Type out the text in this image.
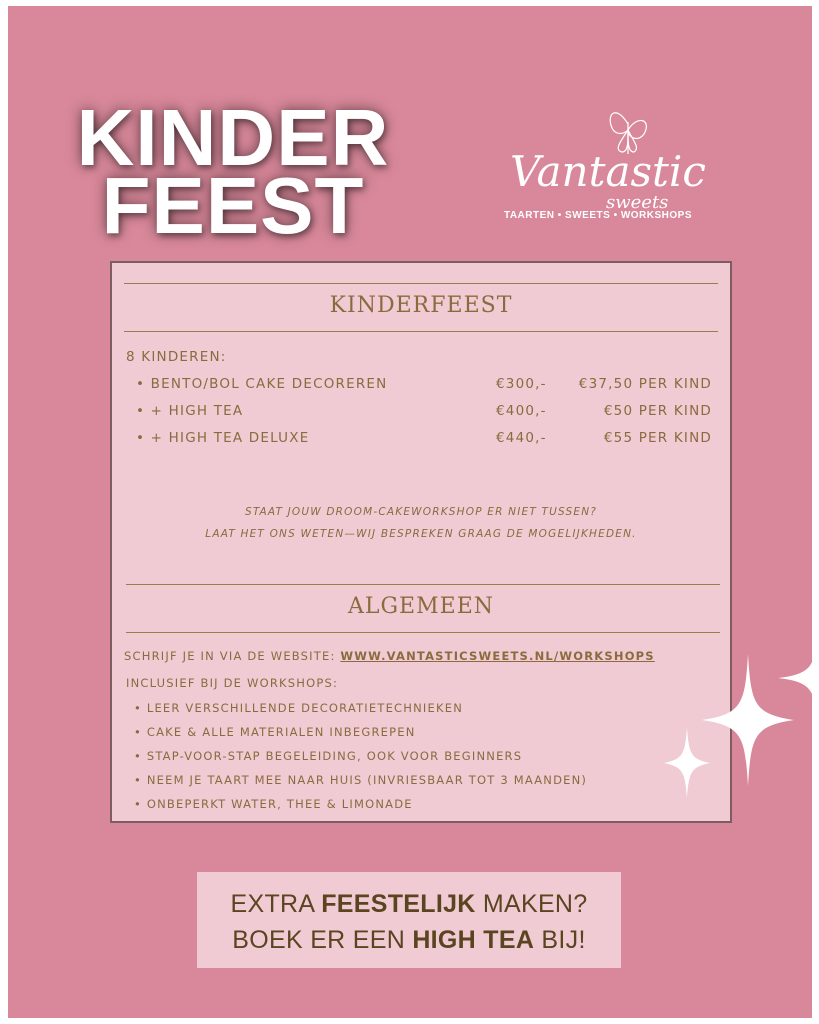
KINDER
FEEST	Vantastic
sweets
TAARTEN • SWEETS • WORKSHOPS
KINDERFEEST
8 KINDEREN:
• BENTO/BOL CAKE DECOREREN	€300,- €37,50 PER KIND
• + HIGH TEA	€400,-	€50 PER KIND
• + HIGH TEA DELUXE	€440,-	€55 PER KIND
STAAT JOUW DROOM-CAKEWORKSHOP ER NIET TUSSEN?
LAAT HET ONS WETEN—WIJ BESPREKEN GRAAG DE MOGELIJKHEDEN.
ALGEMEEN
SCHRIJF JE IN VIA DE WEBSITE: WWW.VANTASTICSWEETS.NL/WORKSHOPS
INCLUSIEF BIJ DE WORKSHOPS:
• LEER VERSCHILLENDE DECORATIETECHNIEKEN
• CAKE & ALLE MATERIALEN INBEGREPEN
• STAP-VOOR-STAP BEGELEIDING, OOK VOOR BEGINNERS
• NEEM JE TAART MEE NAAR HUIS (INVRIESBAAR TOT 3 MAANDEN)
• ONBEPERKT WATER, THEE & LIMONADE
EXTRA FEESTELIJK MAKEN?
BOEK ER EEN HIGH TEA BIJ!
